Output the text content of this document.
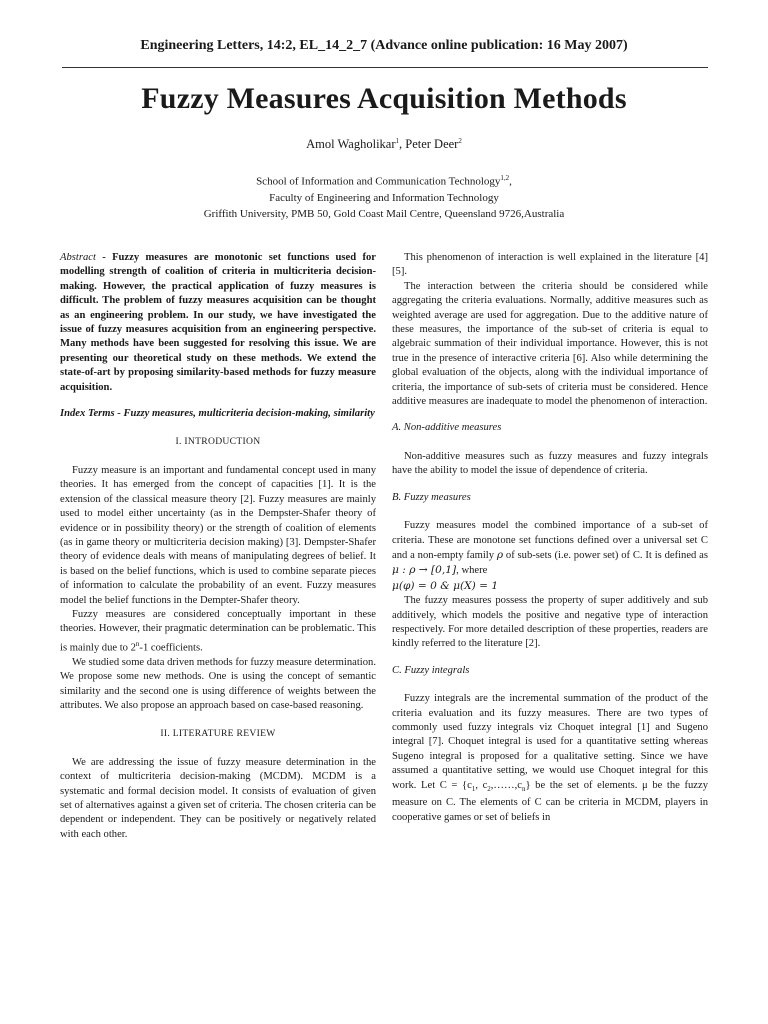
Engineering Letters, 14:2, EL_14_2_7 (Advance online publication: 16 May 2007)
Fuzzy Measures Acquisition Methods
Amol Wagholikar$^1$, Peter Deer$^2$
School of Information and Communication Technology$^{1,2}$,
Faculty of Engineering and Information Technology
Griffith University, PMB 50, Gold Coast Mail Centre, Queensland 9726,Australia

Abstract - Fuzzy measures are monotonic set functions used for modelling strength of coalition of criteria in multicriteria decision-making. However, the practical application of fuzzy measures is difficult. The problem of fuzzy measures acquisition can be thought as an engineering problem. In our study, we have investigated the issue of fuzzy measures acquisition from an engineering perspective. Many methods have been suggested for resolving this issue. We are presenting our theoretical study on these methods. We extend the state-of-art by proposing similarity-based methods for fuzzy measure acquisition.

Index Terms - Fuzzy measures, multicriteria decision-making, similarity

I. INTRODUCTION

Fuzzy measure is an important and fundamental concept used in many theories. It has emerged from the concept of capacities [1]. It is the extension of the classical measure theory [2]. Fuzzy measures are mainly used to model either uncertainty (as in the Dempster-Shafer theory of evidence or in possibility theory) or the strength of coalition of elements (as in game theory or multicriteria decision making) [3]. Dempster-Shafer theory of evidence deals with means of manipulating degrees of belief. It is based on the belief functions, which is used to combine separate pieces of information to calculate the probability of an event. Fuzzy measures model the belief functions in the Dempter-Shafer theory.

Fuzzy measures are considered conceptually important in these theories. However, their pragmatic determination can be problematic. This is mainly due to 2$^n$-1 coefficients.

We studied some data driven methods for fuzzy measure determination. We propose some new methods. One is using the concept of semantic similarity and the second one is using difference of weights between the attributes. We also propose an approach based on case-based reasoning.

II. LITERATURE REVIEW

We are addressing the issue of fuzzy measure determination in the context of multicriteria decision-making (MCDM). MCDM is a systematic and formal decision model. It consists of evaluation of given set of alternatives against a given set of criteria. The chosen criteria can be dependent or independent. They can be positively or negatively related with each other.

This phenomenon of interaction is well explained in the literature [4][5].

The interaction between the criteria should be considered while aggregating the criteria evaluations. Normally, additive measures such as weighted average are used for aggregation. Due to the additive nature of these measures, the importance of the sub-set of criteria is equal to algebraic summation of their individual importance. However, this is not true in the presence of interactive criteria [6]. Also while determining the global evaluation of the objects, along with the individual importance of criteria, the importance of sub-sets of criteria must be considered. Hence additive measures are inadequate to model the phenomenon of interaction.

A. Non-additive measures

Non-additive measures such as fuzzy measures and fuzzy integrals have the ability to model the issue of dependence of criteria.

B. Fuzzy measures

Fuzzy measures model the combined importance of a sub-set of criteria. These are monotone set functions defined over a universal set C and a non-empty family ρ of sub-sets (i.e. power set) of C. It is defined as μ : ρ → [0,1], where
μ(φ) = 0 & μ(X) = 1

The fuzzy measures possess the property of super additively and sub additively, which models the positive and negative type of interaction respectively. For more detailed description of these properties, readers are kindly referred to the literature [2].

C. Fuzzy integrals

Fuzzy integrals are the incremental summation of the product of the criteria evaluation and its fuzzy measures. There are two types of commonly used fuzzy integrals viz Choquet integral [1] and Sugeno integral [7]. Choquet integral is used for a quantitative setting whereas Sugeno integral is proposed for a qualitative setting. Since we have assumed a quantitative setting, we would use Choquet integral for this work. Let $C = \{c_1$, $c_2,\dots\dots,c_n$} be the set of elements. μ be the fuzzy measure on C. The elements of C can be criteria in MCDM, players in cooperative games or set of beliefs in
